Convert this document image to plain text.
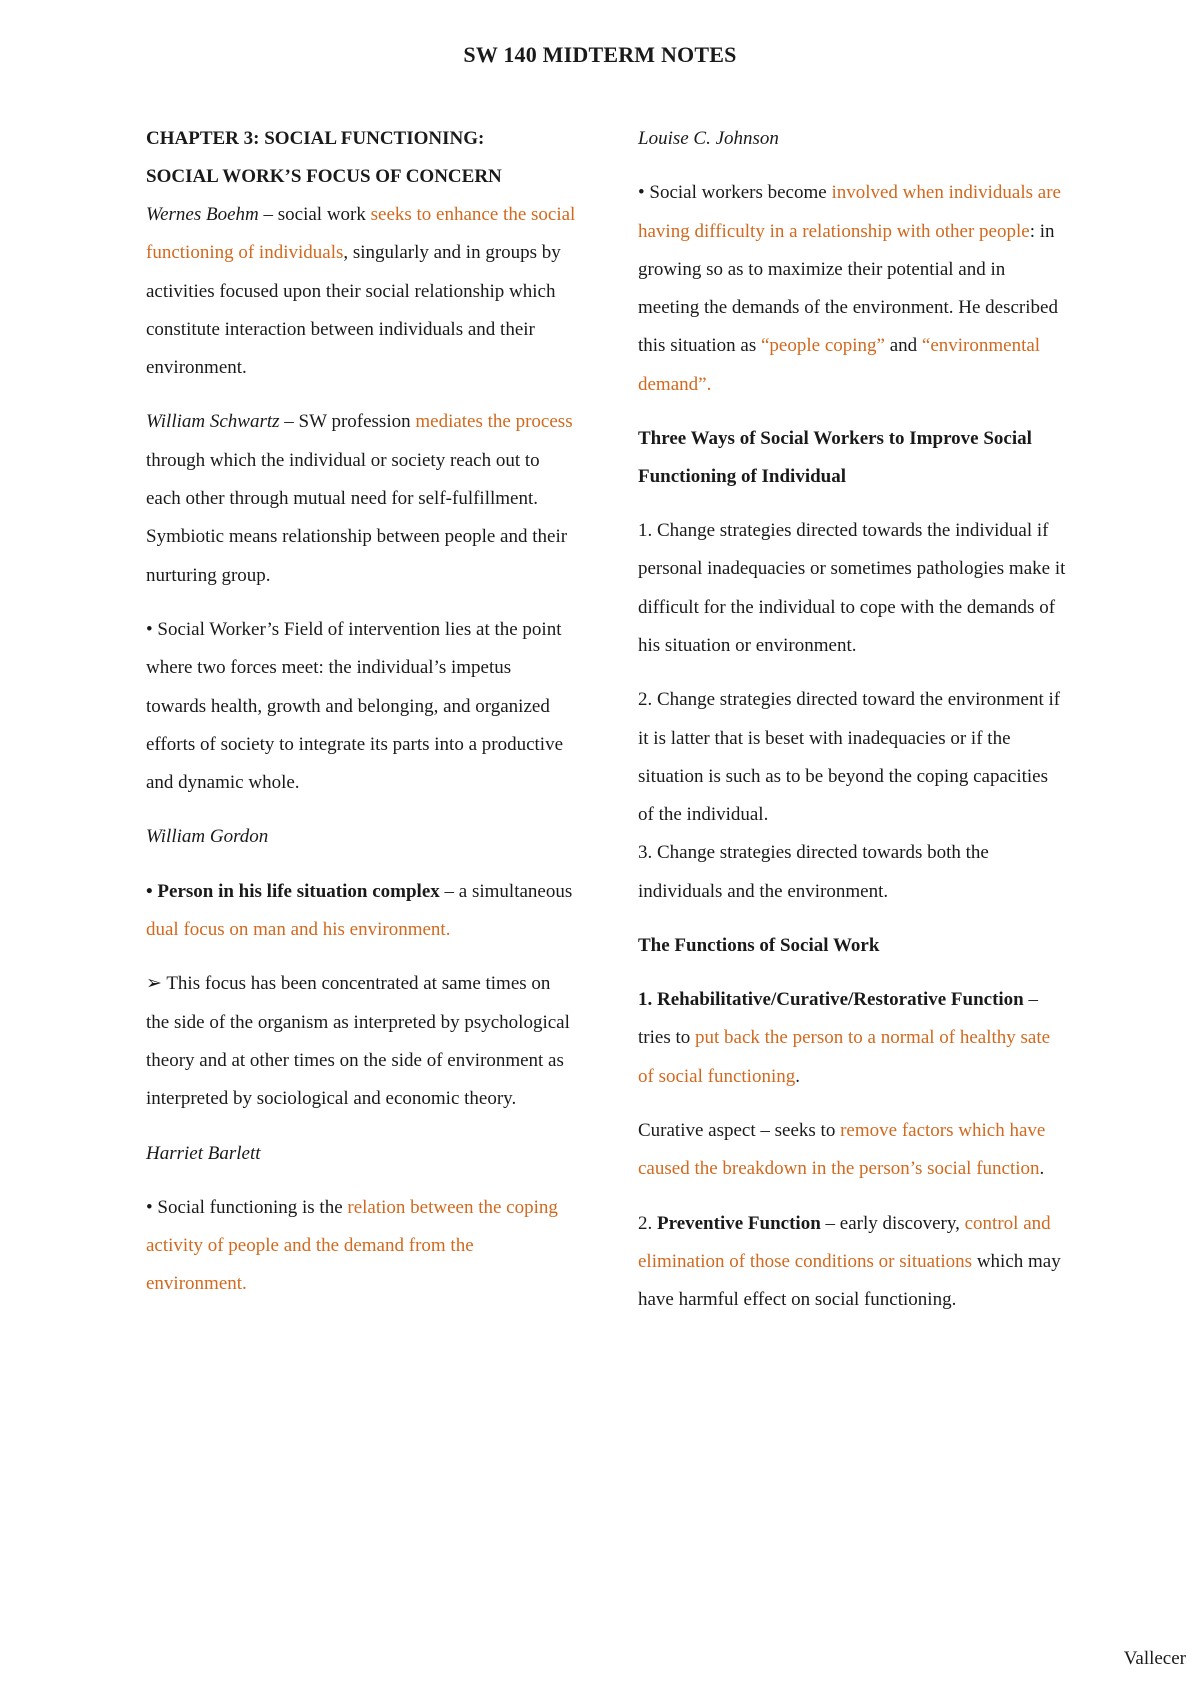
SW 140 MIDTERM NOTES

CHAPTER 3: SOCIAL FUNCTIONING:
SOCIAL WORK’S FOCUS OF CONCERN

Wernes Boehm – social work seeks to enhance the social functioning of individuals, singularly and in groups by activities focused upon their social relationship which constitute interaction between individuals and their environment.

William Schwartz – SW profession mediates the process through which the individual or society reach out to each other through mutual need for self-fulfillment. Symbiotic means relationship between people and their nurturing group.

• Social Worker’s Field of intervention lies at the point where two forces meet: the individual’s impetus towards health, growth and belonging, and organized efforts of society to integrate its parts into a productive and dynamic whole.

William Gordon

• Person in his life situation complex – a simultaneous dual focus on man and his environment.

➢ This focus has been concentrated at same times on the side of the organism as interpreted by psychological theory and at other times on the side of environment as interpreted by sociological and economic theory.

Harriet Barlett

• Social functioning is the relation between the coping activity of people and the demand from the environment.

Louise C. Johnson

• Social workers become involved when individuals are having difficulty in a relationship with other people: in growing so as to maximize their potential and in meeting the demands of the environment. He described this situation as “people coping” and “environmental demand”.

Three Ways of Social Workers to Improve Social Functioning of Individual

1. Change strategies directed towards the individual if personal inadequacies or sometimes pathologies make it difficult for the individual to cope with the demands of his situation or environment.

2. Change strategies directed toward the environment if it is latter that is beset with inadequacies or if the situation is such as to be beyond the coping capacities of the individual.

3. Change strategies directed towards both the individuals and the environment.

The Functions of Social Work

1. Rehabilitative/Curative/Restorative Function – tries to put back the person to a normal of healthy sate of social functioning.

Curative aspect – seeks to remove factors which have caused the breakdown in the person’s social function.

2. Preventive Function – early discovery, control and elimination of those conditions or situations which may have harmful effect on social functioning.

Vallecer
